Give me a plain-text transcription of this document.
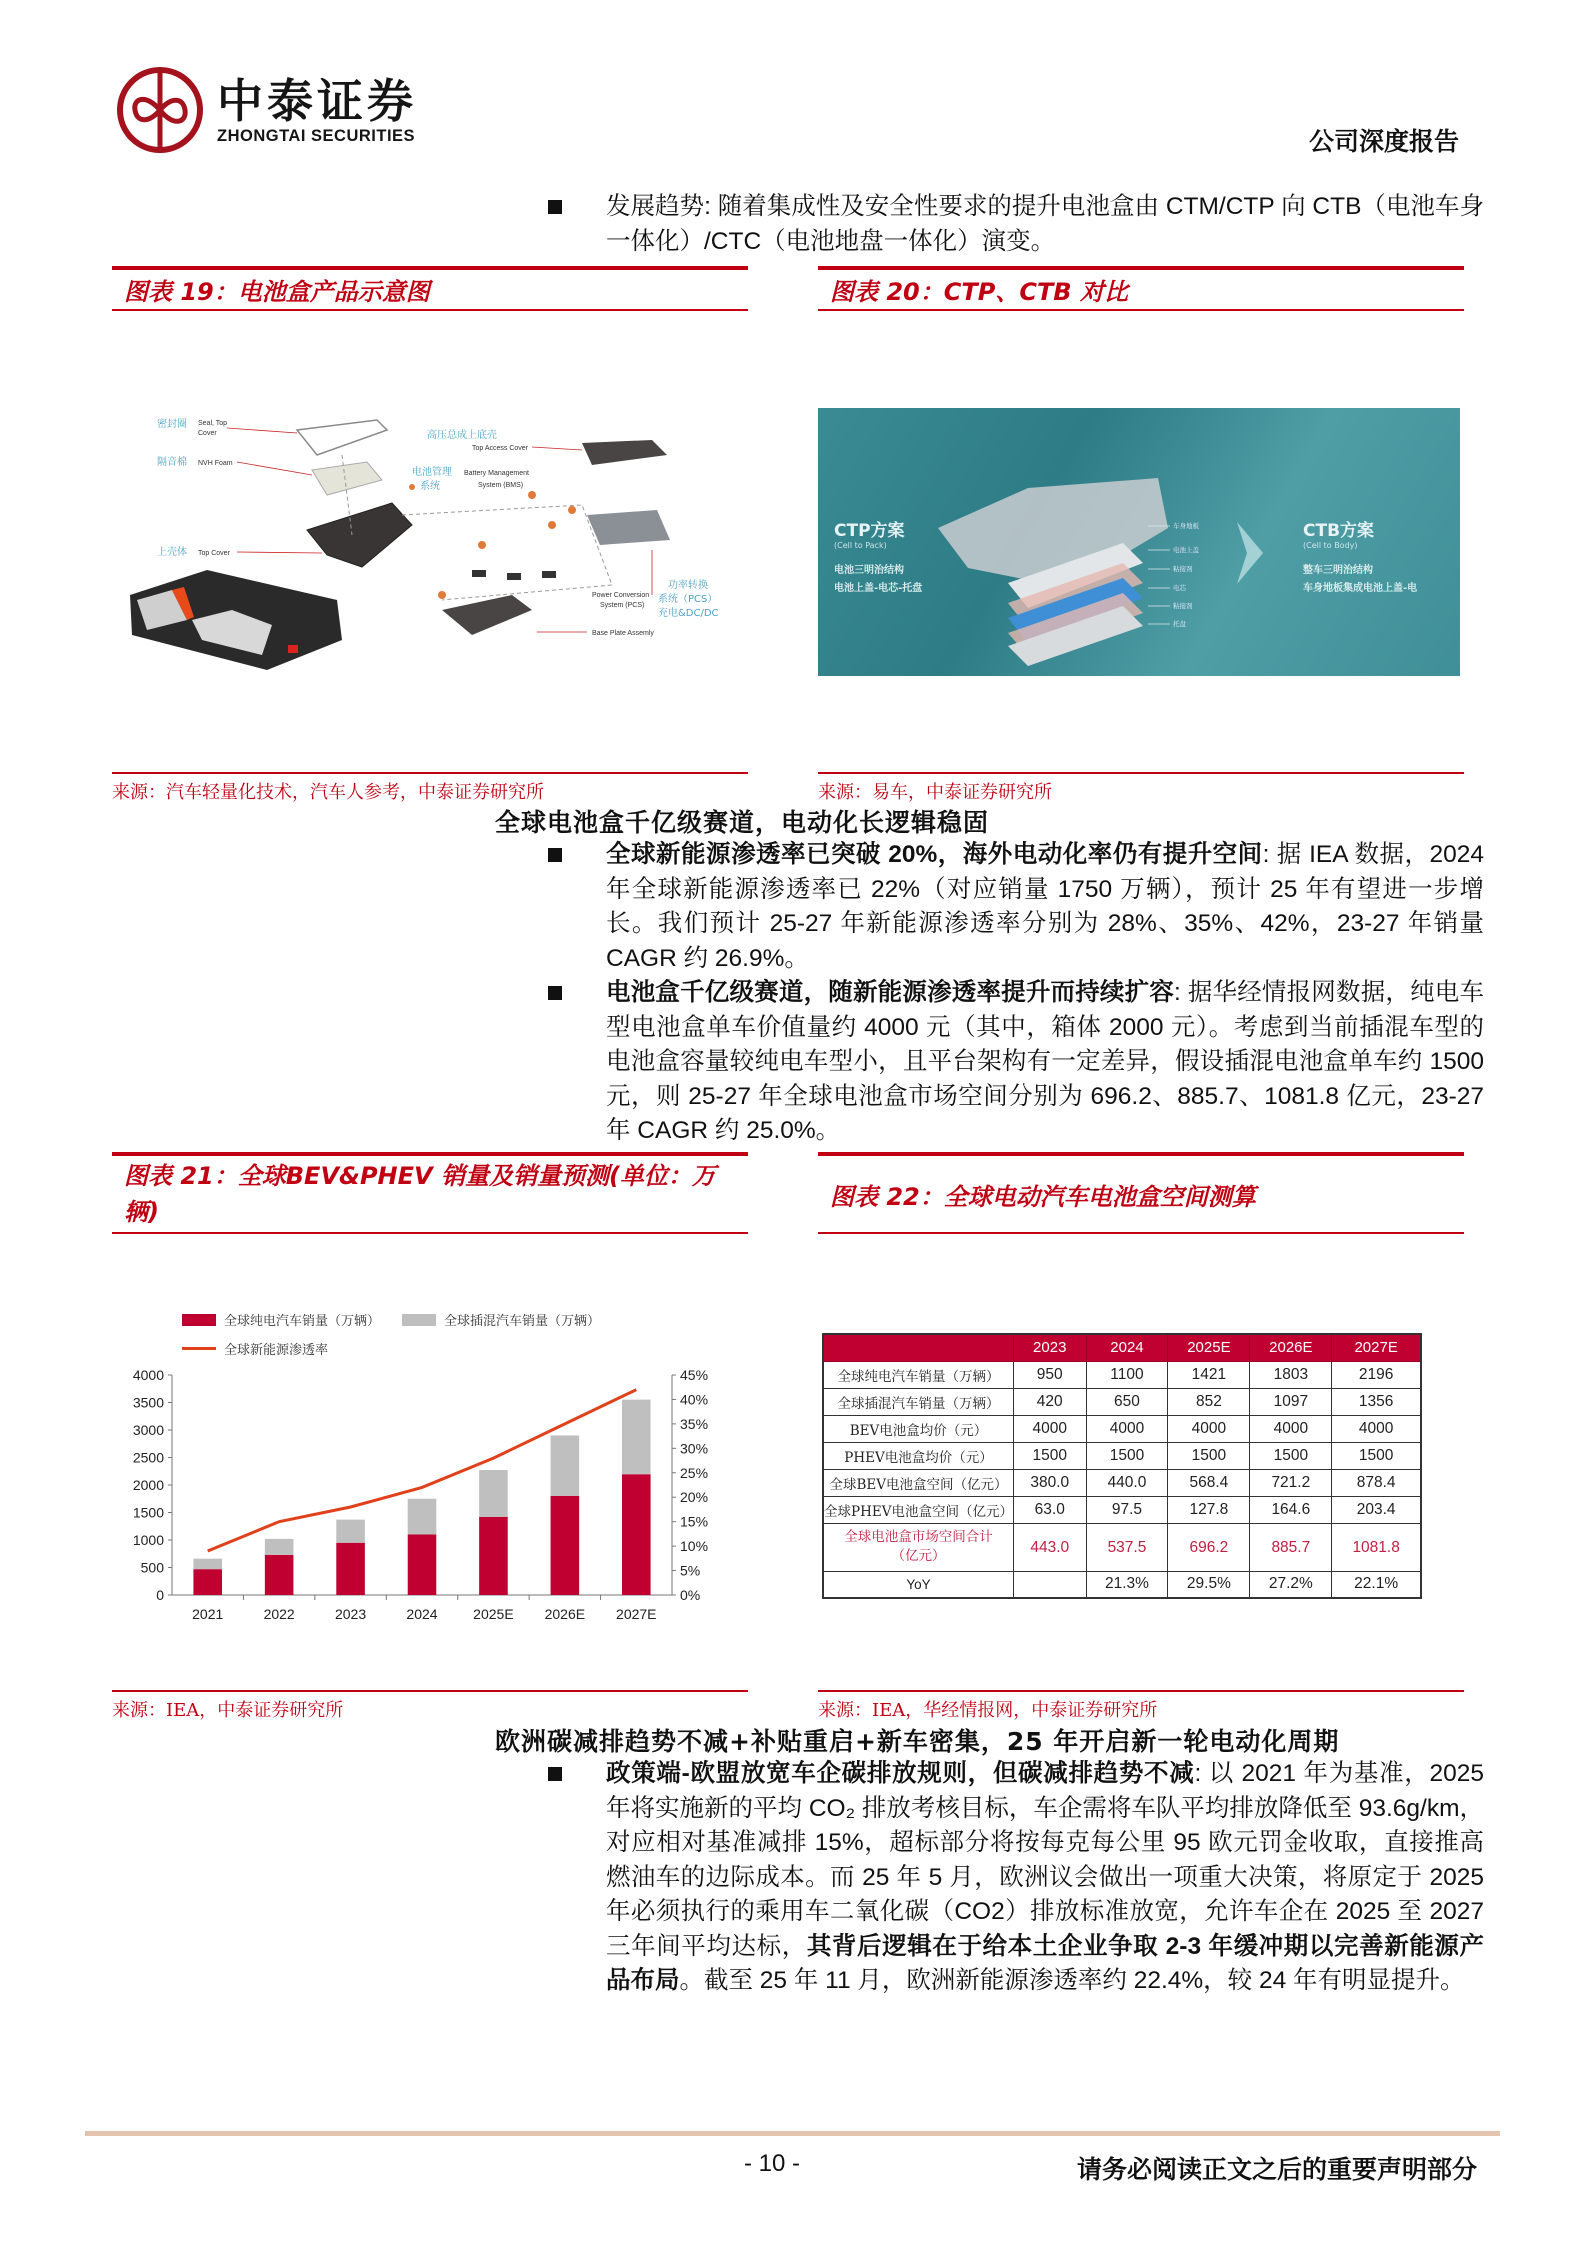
中泰证券
ZHONGTAI SECURITIES	公司深度报告
发展趋势: 随着集成性及安全性要求的提升电池盒由 CTM/CTP 向 CTB（电池车身一体化）/CTC（电池地盘一体化）演变。
图表 19：电池盒产品示意图	图表 20：CTP、CTB 对比
密封圈
隔音棉
上壳体
高压总成上底壳
电池管理
系统
功率转换
系统（PCS）
充电&DC/DC
Seal, Top
Cover
NVH Foam
Top Cover
Top Access Cover
Battery Management
System (BMS)
Power Conversion
System (PCS)
Base Plate Assemly
CTP方案
(Cell to Pack)
电池三明治结构
电池上盖-电芯-托盘
车身地板
电池上盖
粘接剂
电芯
粘接剂
托盘
CTB方案
(Cell to Body)
整车三明治结构
车身地板集成电池上盖-电
来源：汽车轻量化技术，汽车人参考，中泰证券研究所	来源：易车，中泰证券研究所
全球电池盒千亿级赛道，电动化长逻辑稳固
全球新能源渗透率已突破 20%，海外电动化率仍有提升空间: 据 IEA 数据，2024 年全球新能源渗透率已 22%（对应销量 1750 万辆），预计 25 年有望进一步增长。我们预计 25-27 年新能源渗透率分别为 28%、35%、42%，23-27 年销量 CAGR 约 26.9%。
电池盒千亿级赛道，随新能源渗透率提升而持续扩容: 据华经情报网数据，纯电车型电池盒单车价值量约 4000 元（其中，箱体 2000 元）。考虑到当前插混车型的电池盒容量较纯电车型小，且平台架构有一定差异，假设插混电池盒单车约 1500 元，则 25-27 年全球电池盒市场空间分别为 696.2、885.7、1081.8 亿元，23-27 年 CAGR 约 25.0%。
图表 21：全球BEV&PHEV 销量及销量预测(单位：万辆)
图表 22：全球电动汽车电池盒空间测算
全球纯电汽车销量（万辆）	全球插混汽车销量（万辆）
全球新能源渗透率
0
500
1000
1500
2000
2500
3000
3500
4000
0%
5%
10%
15%
20%
25%
30%
35%
40%
45%
2021	2022	2023	2024	2025E 2026E 2027E
	2023	2024	2025E	2026E	2027E
全球纯电汽车销量（万辆）	950	1100	1421	1803	2196
全球插混汽车销量（万辆）	420	650	852	1097	1356
BEV电池盒均价（元）	4000	4000	4000	4000	4000
PHEV电池盒均价（元）	1500	1500	1500	1500	1500
全球BEV电池盒空间（亿元）	380.0	440.0	568.4	721.2	878.4
全球PHEV电池盒空间（亿元）	63.0	97.5	127.8	164.6	203.4
全球电池盒市场空间合计（亿元）	443.0	537.5	696.2	885.7	1081.8
YoY		21.3%	29.5%	27.2%	22.1%
来源：IEA，中泰证券研究所	来源：IEA，华经情报网，中泰证券研究所
欧洲碳减排趋势不减+补贴重启+新车密集，25 年开启新一轮电动化周期
政策端-欧盟放宽车企碳排放规则，但碳减排趋势不减: 以 2021 年为基准，2025 年将实施新的平均 CO₂ 排放考核目标，车企需将车队平均排放降低至 93.6g/km，对应相对基准减排 15%，超标部分将按每克每公里 95 欧元罚金收取，直接推高燃油车的边际成本。而 25 年 5 月，欧洲议会做出一项重大决策，将原定于 2025 年必须执行的乘用车二氧化碳（CO2）排放标准放宽，允许车企在 2025 至 2027 三年间平均达标，其背后逻辑在于给本土企业争取 2-3 年缓冲期以完善新能源产品布局。截至 25 年 11 月，欧洲新能源渗透率约 22.4%，较 24 年有明显提升。
- 10 -	请务必阅读正文之后的重要声明部分
